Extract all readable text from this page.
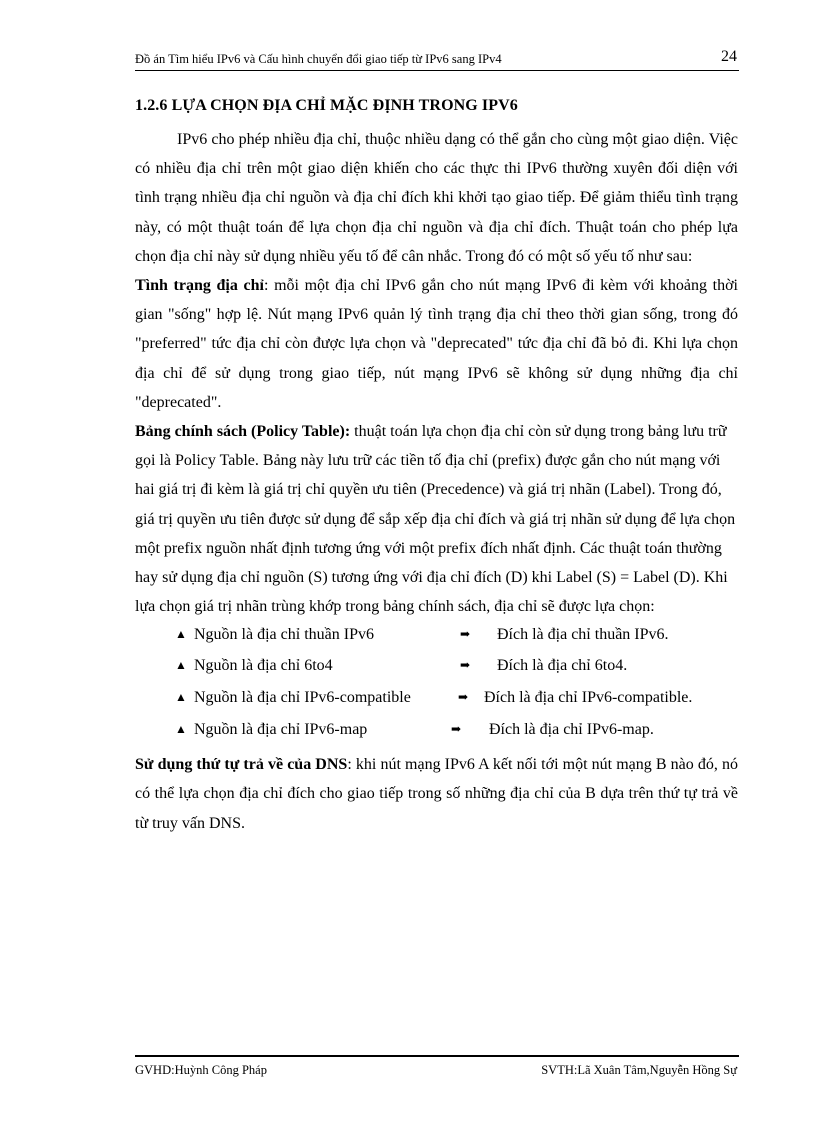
Đồ án Tìm hiểu IPv6 và Cấu hình chuyển đổi giao tiếp từ IPv6 sang IPv4	24
1.2.6 LỰA CHỌN ĐỊA CHỈ MẶC ĐỊNH TRONG IPV6

IPv6 cho phép nhiều địa chỉ, thuộc nhiều dạng có thể gắn cho cùng một giao diện. Việc có nhiều địa chỉ trên một giao diện khiến cho các thực thi IPv6 thường xuyên đối diện với tình trạng nhiều địa chỉ nguồn và địa chỉ đích khi khởi tạo giao tiếp. Để giảm thiểu tình trạng này, có một thuật toán để lựa chọn địa chỉ nguồn và địa chỉ đích. Thuật toán cho phép lựa chọn địa chỉ này sử dụng nhiều yếu tố để cân nhắc. Trong đó có một số yếu tố như sau:

Tình trạng địa chỉ: mỗi một địa chỉ IPv6 gắn cho nút mạng IPv6 đi kèm với khoảng thời gian "sống" hợp lệ. Nút mạng IPv6 quản lý tình trạng địa chỉ theo thời gian sống, trong đó "preferred" tức địa chỉ còn được lựa chọn và "deprecated" tức địa chỉ đã bỏ đi. Khi lựa chọn địa chỉ để sử dụng trong giao tiếp, nút mạng IPv6 sẽ không sử dụng những địa chỉ "deprecated".

Bảng chính sách (Policy Table): thuật toán lựa chọn địa chỉ còn sử dụng trong bảng lưu trữ gọi là Policy Table. Bảng này lưu trữ các tiền tố địa chỉ (prefix) được gắn cho nút mạng với hai giá trị đi kèm là giá trị chỉ quyền ưu tiên (Precedence) và giá trị nhãn (Label). Trong đó, giá trị quyền ưu tiên được sử dụng để sắp xếp địa chỉ đích và giá trị nhãn sử dụng để lựa chọn một prefix nguồn nhất định tương ứng với một prefix đích nhất định. Các thuật toán thường hay sử dụng địa chỉ nguồn (S) tương ứng với địa chỉ đích (D) khi Label (S) = Label (D). Khi lựa chọn giá trị nhãn trùng khớp trong bảng chính sách, địa chỉ sẽ được lựa chọn:

▲ Nguồn là địa chỉ thuần IPv6	➡ Đích là địa chỉ thuần IPv6.
▲ Nguồn là địa chỉ 6to4	➡ Đích là địa chỉ 6to4.
▲ Nguồn là địa chỉ IPv6-compatible	➡ Đích là địa chỉ IPv6-compatible.
▲ Nguồn là địa chỉ IPv6-map	➡ Đích là địa chỉ IPv6-map.

Sử dụng thứ tự trả về của DNS: khi nút mạng IPv6 A kết nối tới một nút mạng B nào đó, nó có thể lựa chọn địa chỉ đích cho giao tiếp trong số những địa chỉ của B dựa trên thứ tự trả về từ truy vấn DNS.

GVHD:Huỳnh Công Pháp	SVTH:Lã Xuân Tâm,Nguyễn Hồng Sự
